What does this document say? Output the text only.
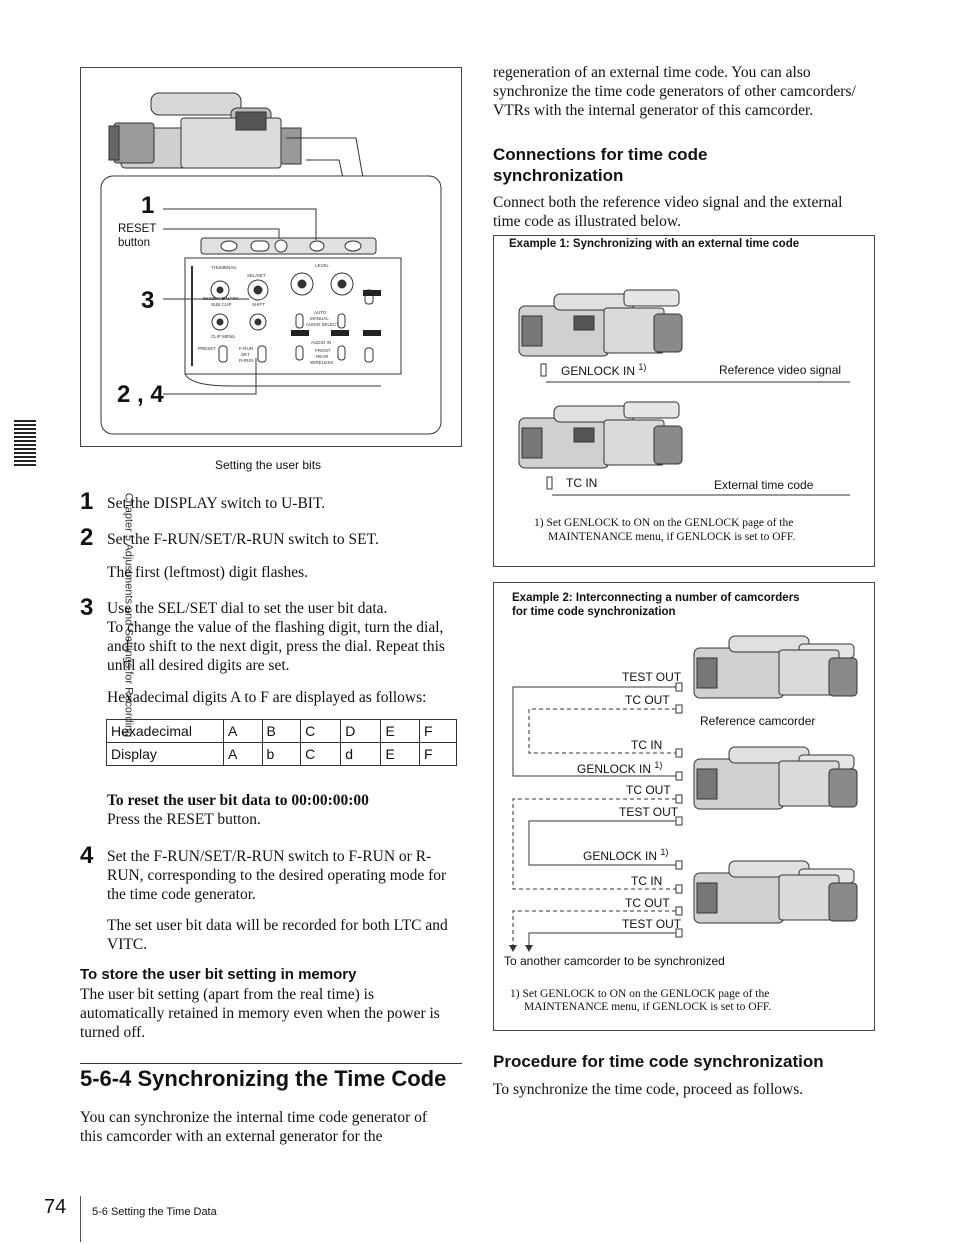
Chapter 5 Adjustments and Settings for Recording
THUMBNAIL
SEL/SET
LEVEL
ESSENCE MARK
SUB CLIP	SHIFT
CLIP MENU
PRESET	F-RUN
SET
R-RUN
AUTO
MANUAL
AUDIO SELECT
AUDIO IN
FRONT
REAR
WIRELESS
1
RESET
button
3
2 , 4
Setting the user bits
1 Set the DISPLAY switch to U-BIT.
2 Set the F-RUN/SET/R-RUN switch to SET.
The first (leftmost) digit flashes.
3 Use the SEL/SET dial to set the user bit data.
To change the value of the flashing digit, turn the dial,
and to shift to the next digit, press the dial. Repeat this
until all desired digits are set.
Hexadecimal digits A to F are displayed as follows:
Hexadecimal	A	B	C	D	E	F
Display	A	b	C	d	E	F
To reset the user bit data to 00:00:00:00
Press the RESET button.
4 Set the F-RUN/SET/R-RUN switch to F-RUN or R-
RUN, corresponding to the desired operating mode for
the time code generator.
The set user bit data will be recorded for both LTC and
VITC.
To store the user bit setting in memory
The user bit setting (apart from the real time) is
automatically retained in memory even when the power is
turned off.
5-6-4 Synchronizing the Time Code
You can synchronize the internal time code generator of
this camcorder with an external generator for the
74 5-6 Setting the Time Data
regeneration of an external time code. You can also
synchronize the time code generators of other camcorders/
VTRs with the internal generator of this camcorder.
Connections for time code
synchronization
Connect both the reference video signal and the external
time code as illustrated below.
Example 1: Synchronizing with an external time code
GENLOCK IN $^{1)}$	Reference video signal
TC IN	External time code
1) Set GENLOCK to ON on the GENLOCK page of the
MAINTENANCE menu, if GENLOCK is set to OFF.
Example 2: Interconnecting a number of camcorders
for time code synchronization
TEST OUT
TC OUT
Reference camcorder
TC IN
GENLOCK IN $^{1)}$
TC OUT
TEST OUT
GENLOCK IN $^{1)}$
TC IN
TC OUT
TEST OUT
To another camcorder to be synchronized
1) Set GENLOCK to ON on the GENLOCK page of the
MAINTENANCE menu, if GENLOCK is set to OFF.
Procedure for time code synchronization
To synchronize the time code, proceed as follows.
